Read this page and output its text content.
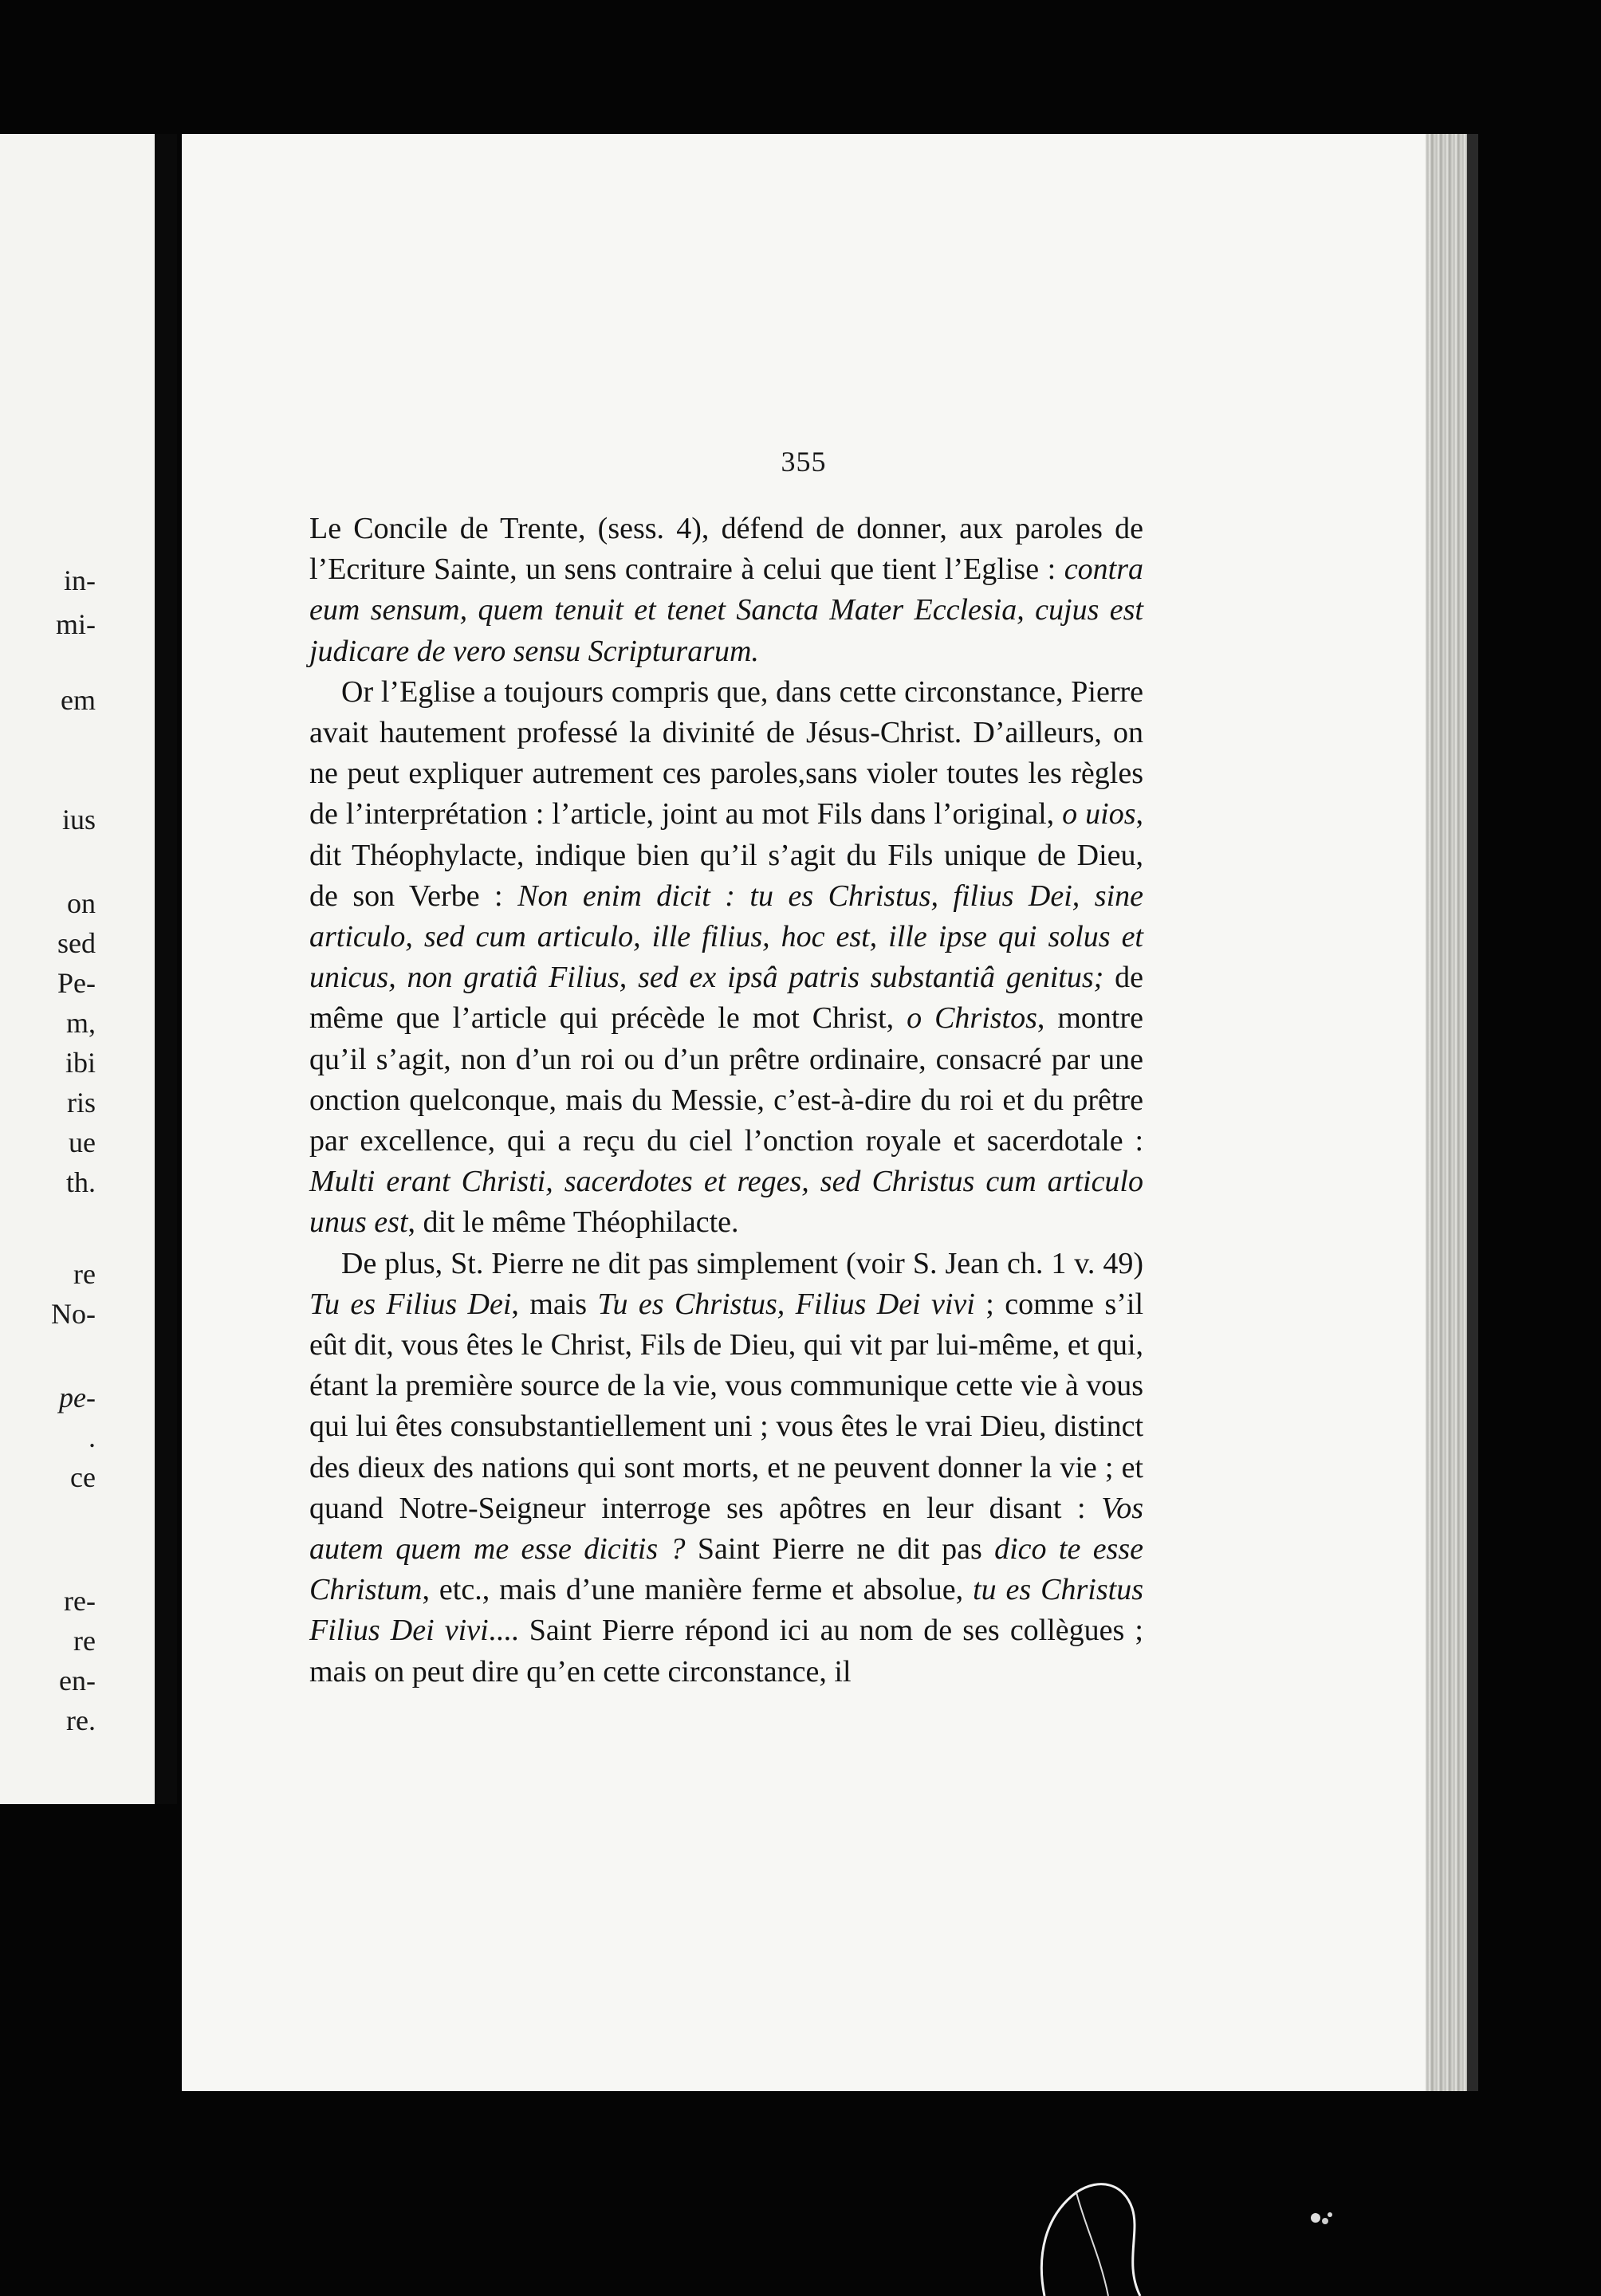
in-
mi-
em
ius
on
sed
Pe-
m,
ibi
ris
ue
th.
re
No-
pe-
.
ce
re-
re
en-
re.
355

Le Concile de Trente, (sess. 4), défend de donner, aux paroles de l’Ecriture Sainte, un sens contraire à celui que tient l’Eglise : contra eum sensum, quem tenuit et tenet Sancta Mater Ecclesia, cujus est judicare de vero sensu Scripturarum.

Or l’Eglise a toujours compris que, dans cette circonstance, Pierre avait hautement professé la divinité de Jésus-Christ. D’ailleurs, on ne peut expliquer autrement ces paroles,sans violer toutes les règles de l’interprétation : l’article, joint au mot Fils dans l’original, o uios, dit Théophylacte, indique bien qu’il s’agit du Fils unique de Dieu, de son Verbe : Non enim dicit : tu es Christus, filius Dei, sine articulo, sed cum articulo, ille filius, hoc est, ille ipse qui solus et unicus, non gratiâ Filius, sed ex ipsâ patris substantiâ genitus; de même que l’article qui précède le mot Christ, o Christos, montre qu’il s’agit, non d’un roi ou d’un prêtre ordinaire, consacré par une onction quelconque, mais du Messie, c’est-à-dire du roi et du prêtre par excellence, qui a reçu du ciel l’onction royale et sacerdotale : Multi erant Christi, sacerdotes et reges, sed Christus cum articulo unus est, dit le même Théophilacte.

De plus, St. Pierre ne dit pas simplement (voir S. Jean ch. 1 v. 49) Tu es Filius Dei, mais Tu es Christus, Filius Dei vivi ; comme s’il eût dit, vous êtes le Christ, Fils de Dieu, qui vit par lui-même, et qui, étant la première source de la vie, vous communique cette vie à vous qui lui êtes consubstantiellement uni ; vous êtes le vrai Dieu, distinct des dieux des nations qui sont morts, et ne peuvent donner la vie ; et quand Notre-Seigneur interroge ses apôtres en leur disant : Vos autem quem me esse dicitis ? Saint Pierre ne dit pas dico te esse Christum, etc., mais d’une manière ferme et absolue, tu es Christus Filius Dei vivi.... Saint Pierre répond ici au nom de ses collègues ; mais on peut dire qu’en cette circonstance, il
